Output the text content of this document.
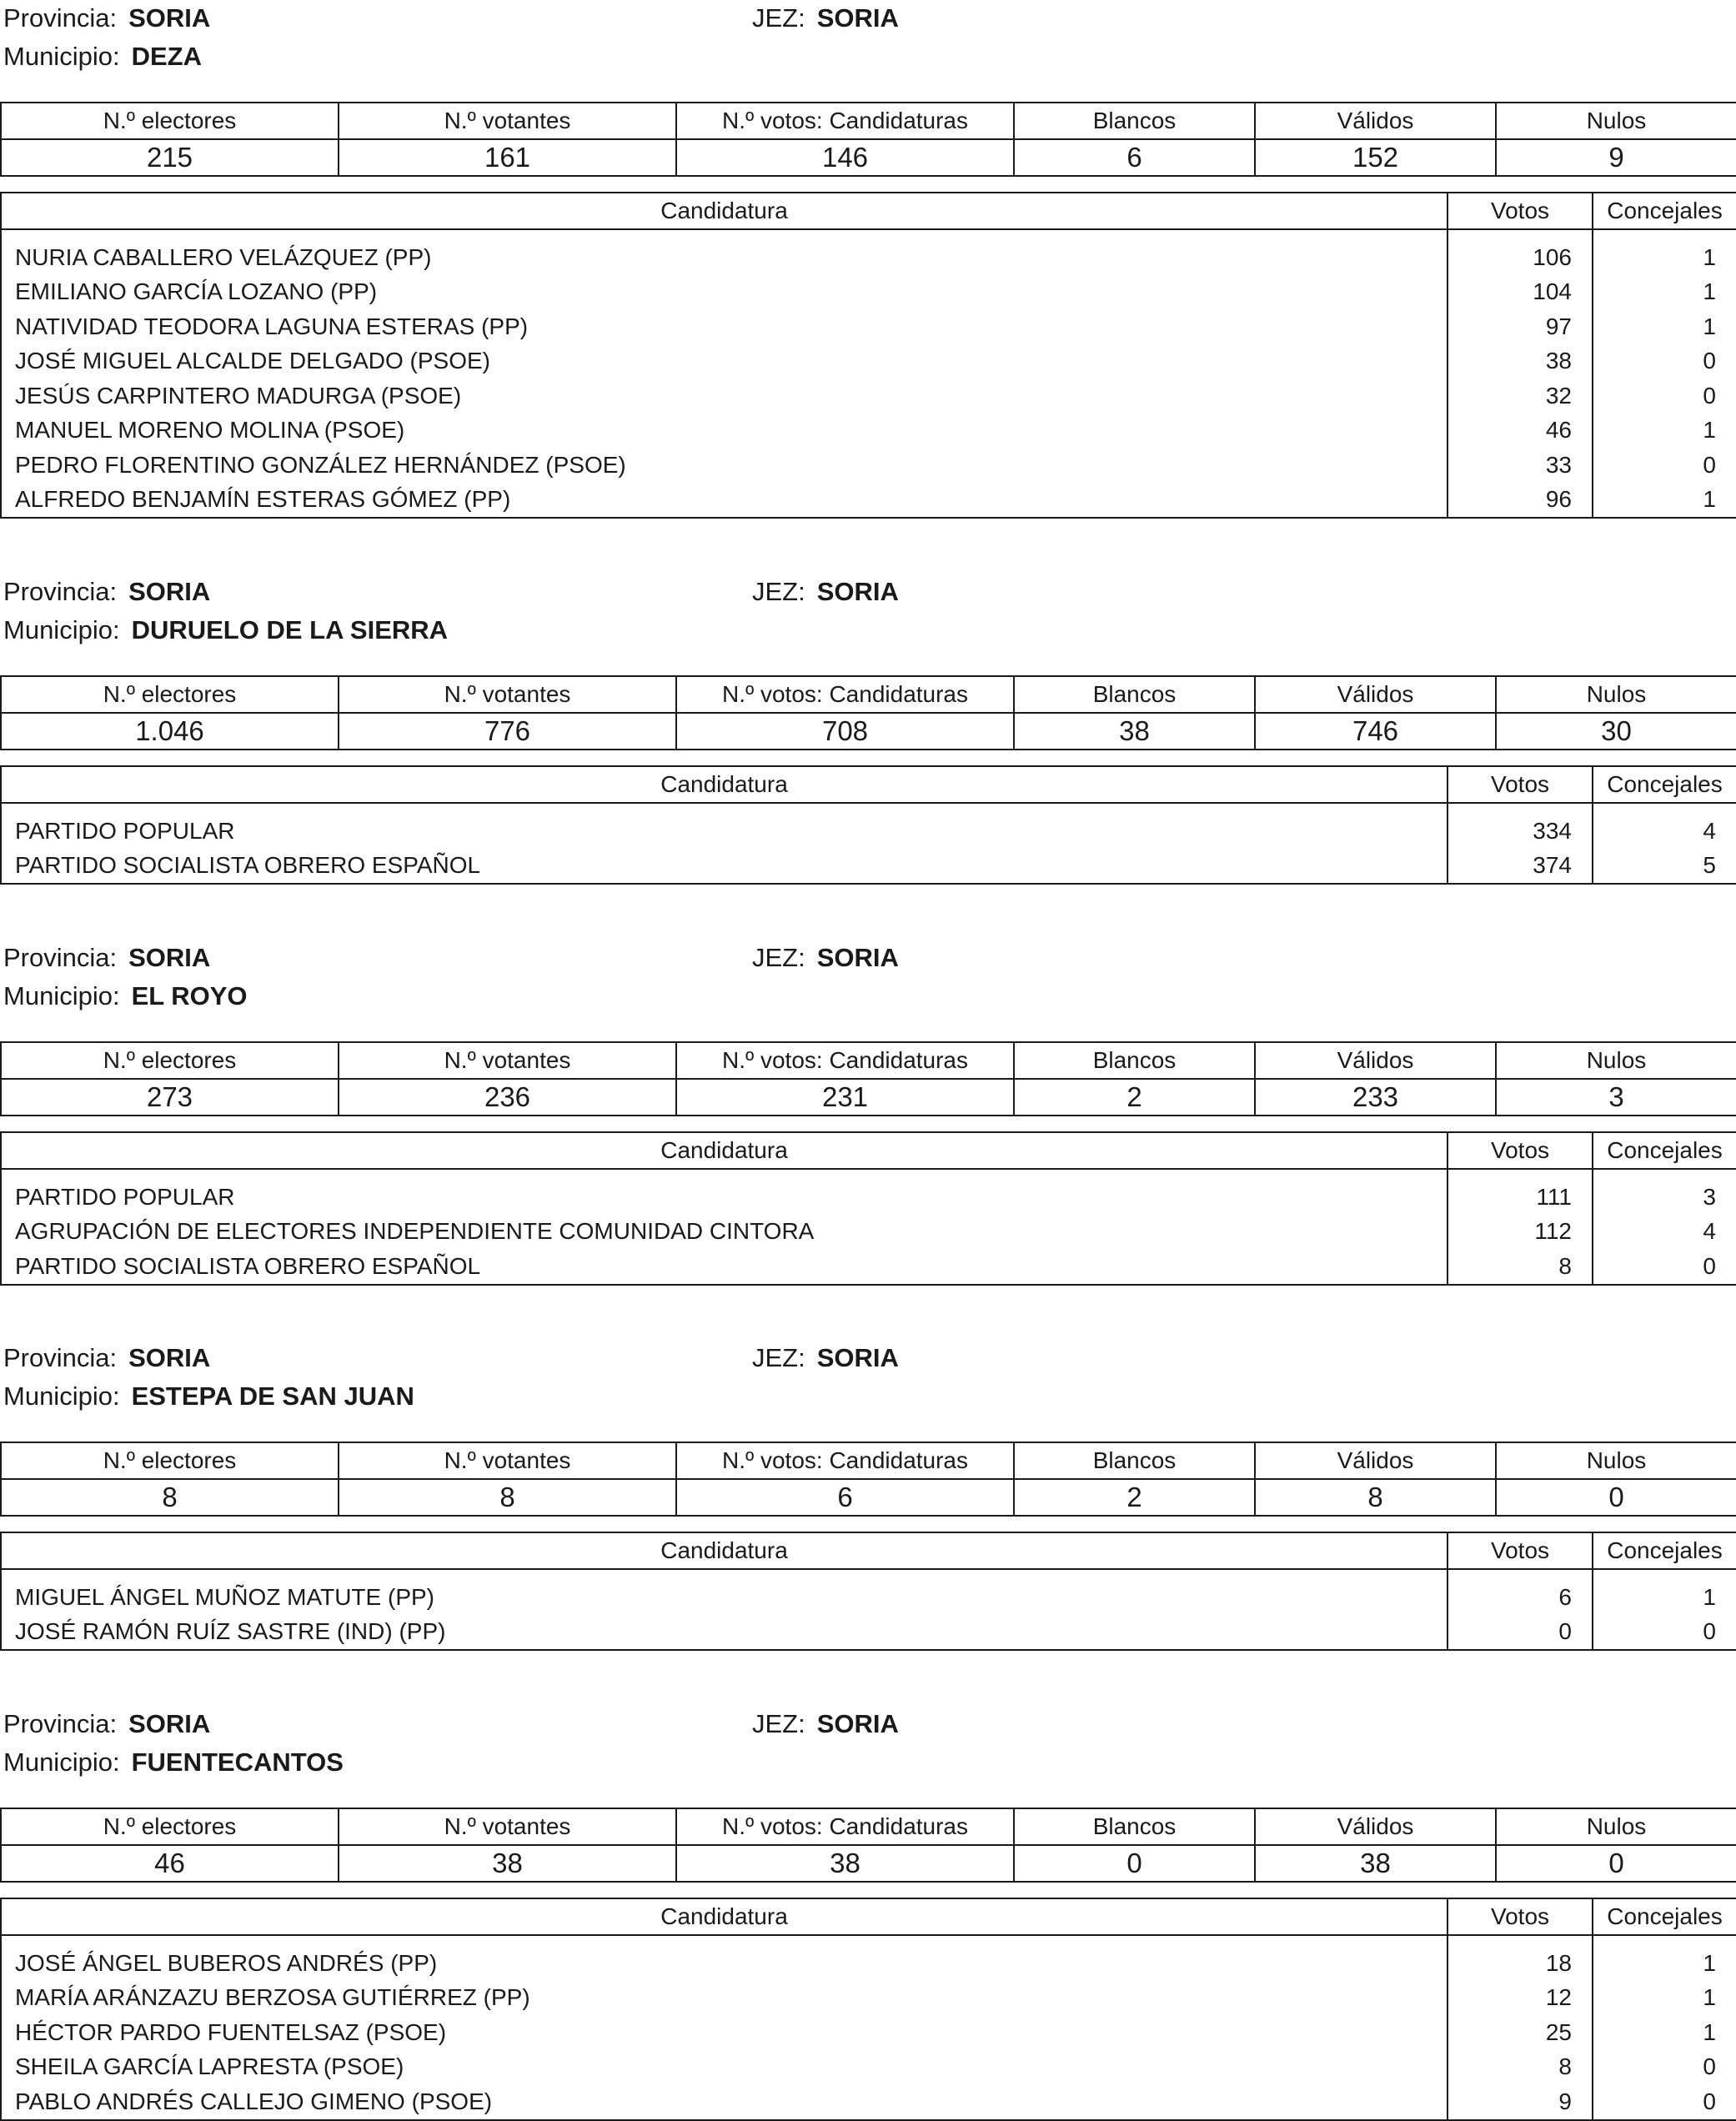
Provincia: SORIA	JEZ: SORIA
Municipio: DEZA
N.º electores	N.º votantes	N.º votos: Candidaturas	Blancos	Válidos	Nulos
215	161	146	6	152	9
Candidatura	Votos	Concejales
NURIA CABALLERO VELÁZQUEZ (PP)	106	1
EMILIANO GARCÍA LOZANO (PP)	104	1
NATIVIDAD TEODORA LAGUNA ESTERAS (PP)	97	1
JOSÉ MIGUEL ALCALDE DELGADO (PSOE)	38	0
JESÚS CARPINTERO MADURGA (PSOE)	32	0
MANUEL MORENO MOLINA (PSOE)	46	1
PEDRO FLORENTINO GONZÁLEZ HERNÁNDEZ (PSOE)	33	0
ALFREDO BENJAMÍN ESTERAS GÓMEZ (PP)	96	1
Provincia: SORIA	JEZ: SORIA
Municipio: DURUELO DE LA SIERRA
N.º electores	N.º votantes	N.º votos: Candidaturas	Blancos	Válidos	Nulos
1.046	776	708	38	746	30
Candidatura	Votos	Concejales
PARTIDO POPULAR	334	4
PARTIDO SOCIALISTA OBRERO ESPAÑOL	374	5
Provincia: SORIA	JEZ: SORIA
Municipio: EL ROYO
N.º electores	N.º votantes	N.º votos: Candidaturas	Blancos	Válidos	Nulos
273	236	231	2	233	3
Candidatura	Votos	Concejales
PARTIDO POPULAR	111	3
AGRUPACIÓN DE ELECTORES INDEPENDIENTE COMUNIDAD CINTORA	112	4
PARTIDO SOCIALISTA OBRERO ESPAÑOL	8	0
Provincia: SORIA	JEZ: SORIA
Municipio: ESTEPA DE SAN JUAN
N.º electores	N.º votantes	N.º votos: Candidaturas	Blancos	Válidos	Nulos
8	8	6	2	8	0
Candidatura	Votos	Concejales
MIGUEL ÁNGEL MUÑOZ MATUTE (PP)	6	1
JOSÉ RAMÓN RUÍZ SASTRE (IND) (PP)	0	0
Provincia: SORIA	JEZ: SORIA
Municipio: FUENTECANTOS
N.º electores	N.º votantes	N.º votos: Candidaturas	Blancos	Válidos	Nulos
46	38	38	0	38	0
Candidatura	Votos	Concejales
JOSÉ ÁNGEL BUBEROS ANDRÉS (PP)	18	1
MARÍA ARÁNZAZU BERZOSA GUTIÉRREZ (PP)	12	1
HÉCTOR PARDO FUENTELSAZ (PSOE)	25	1
SHEILA GARCÍA LAPRESTA (PSOE)	8	0
PABLO ANDRÉS CALLEJO GIMENO (PSOE)	9	0
